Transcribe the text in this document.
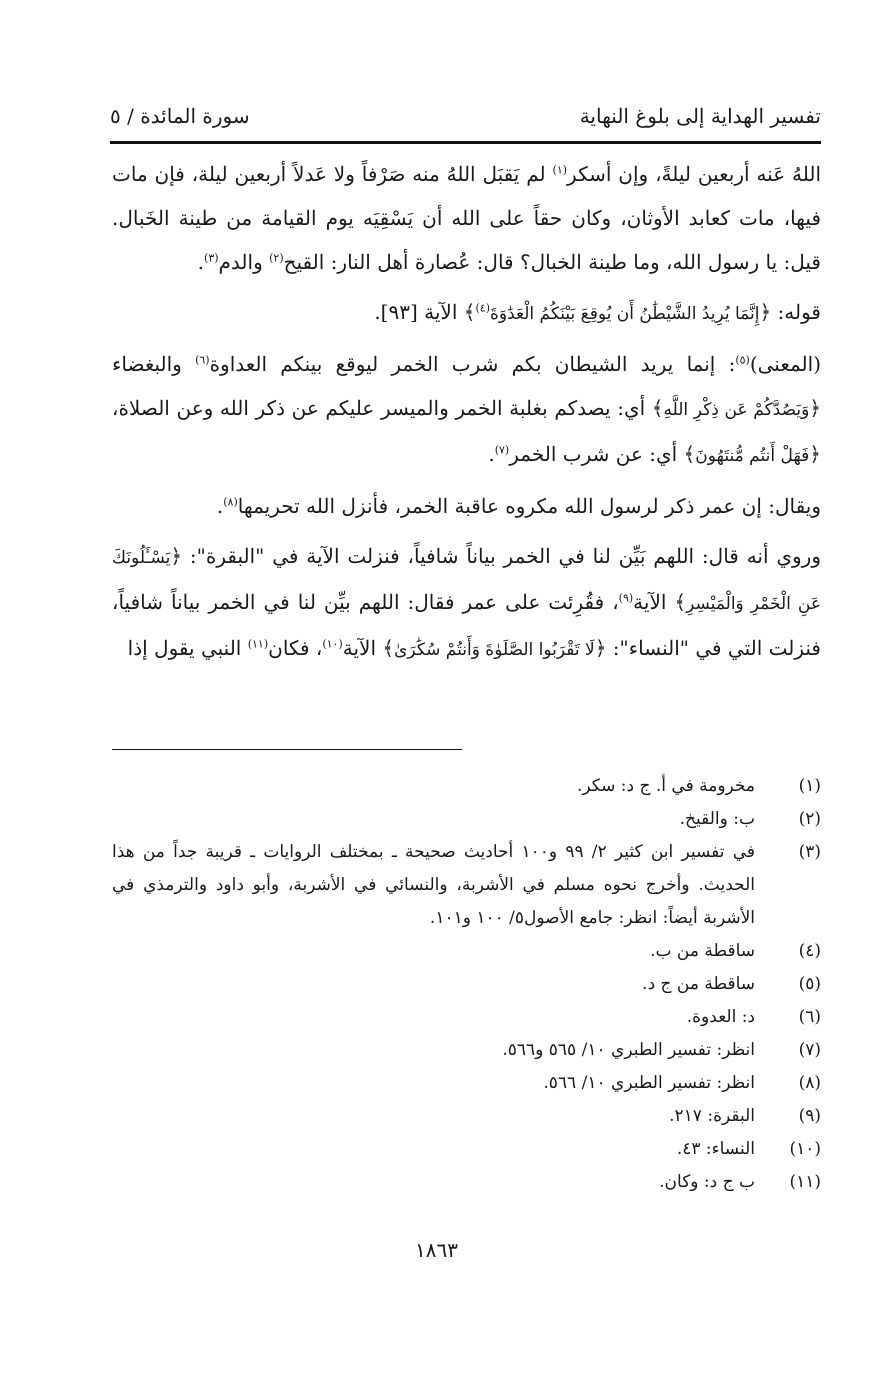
تفسير الهداية إلى بلوغ النهاية
سورة المائدة / ٥

اللهُ عَنه أربعين ليلةً، وإن أسكر$^{(١)}$ لم يَقبَل اللهُ منه صَرْفاً ولا عَدلاً أربعين ليلة، فإن مات فيها، مات كعابد الأوثان، وكان حقاً على الله أن يَسْقِيَه يوم القيامة من طينة الخَبال. قيل: يا رسول الله، وما طينة الخبال؟ قال: عُصارة أهل النار: القيح$^{(٢)}$ والدم$^{(٣)}$.

قوله: ﴿إِنَّمَا يُرِيدُ الشَّيْطَٰنُ أَن يُوقِعَ بَيْنَكُمُ الْعَدَٰوَةَ$^{(٤)}$﴾ الآية [٩٣].

(المعنى)$^{(٥)}$: إنما يريد الشيطان بكم شرب الخمر ليوقع بينكم العداوة$^{(٦)}$ والبغضاء ﴿وَيَصُدَّكُمْ عَن ذِكْرِ اللَّهِ﴾ أي: يصدكم بغلبة الخمر والميسر عليكم عن ذكر الله وعن الصلاة، ﴿فَهَلْ أَنتُم مُّنتَهُونَ﴾ أي: عن شرب الخمر$^{(٧)}$.

ويقال: إن عمر ذكر لرسول الله مكروه عاقبة الخمر، فأنزل الله تحريمها$^{(٨)}$.

وروي أنه قال: اللهم بَيِّن لنا في الخمر بياناً شافياً، فنزلت الآية في "البقرة": ﴿يَسْـَٔلُونَكَ عَنِ الْخَمْرِ وَالْمَيْسِرِ﴾ الآية$^{(٩)}$، فقُرِئت على عمر فقال: اللهم بيِّن لنا في الخمر بياناً شافياً، فنزلت التي في "النساء": ﴿لَا تَقْرَبُوا الصَّلَوٰةَ وَأَنتُمْ سُكَٰرَىٰ﴾ الآية$^{(١٠)}$، فكان$^{(١١)}$ النبي يقول إذا

(١)
مخرومة في أ. ج د: سكر.
(٢)
ب: والقيخ.
(٣)
في تفسير ابن كثير ٢/ ٩٩ و١٠٠ أحاديث صحيحة ـ بمختلف الروايات ـ قريبة جداً من هذا الحديث. وأخرج نحوه مسلم في الأشربة، والنسائي في الأشربة، وأبو داود والترمذي في الأشربة أيضاً: انظر: جامع الأصول٥/ ١٠٠ و١٠١.
(٤)
ساقطة من ب.
(٥)
ساقطة من ج د.
(٦)
د: العدوة.
(٧)
انظر: تفسير الطبري ١٠/ ٥٦٥ و٥٦٦.
(٨)
انظر: تفسير الطبري ١٠/ ٥٦٦.
(٩)
البقرة: ٢١٧.
(١٠)
النساء: ٤٣.
(١١)
ب ج د: وكان.
١٨٦٣
